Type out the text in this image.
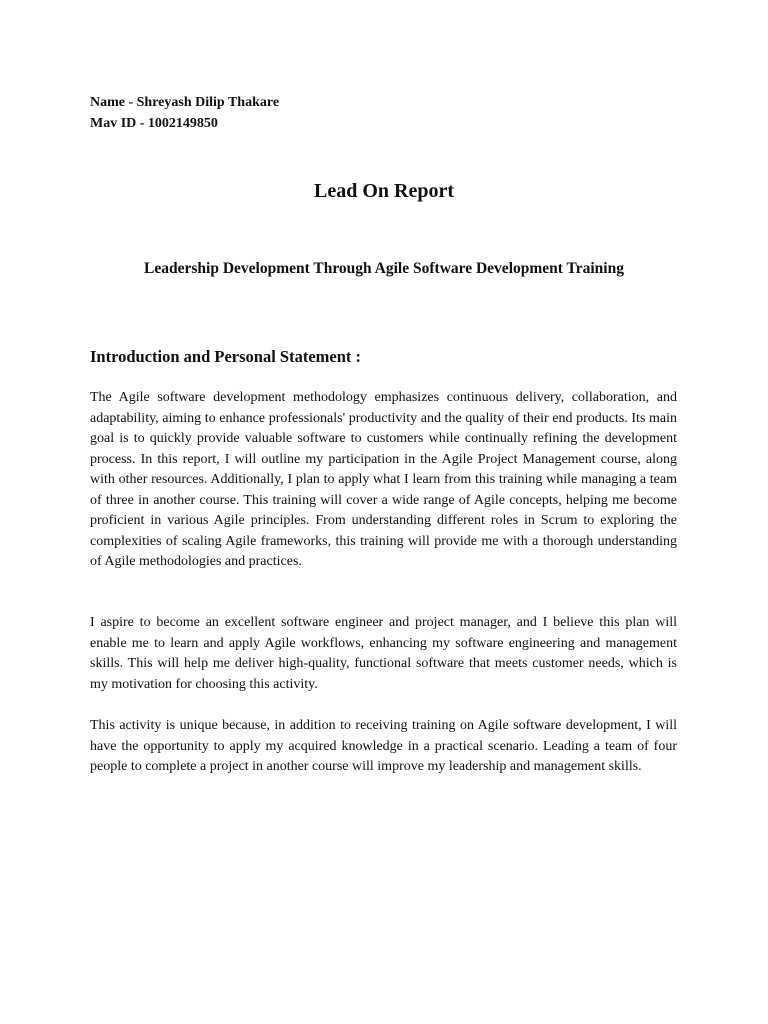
Name - Shreyash Dilip Thakare
Mav ID - 1002149850
Lead On Report
Leadership Development Through Agile Software Development Training
Introduction and Personal Statement :

The Agile software development methodology emphasizes continuous delivery, collaboration, and adaptability, aiming to enhance professionals' productivity and the quality of their end products. Its main goal is to quickly provide valuable software to customers while continually refining the development process. In this report, I will outline my participation in the Agile Project Management course, along with other resources. Additionally, I plan to apply what I learn from this training while managing a team of three in another course. This training will cover a wide range of Agile concepts, helping me become proficient in various Agile principles. From understanding different roles in Scrum to exploring the complexities of scaling Agile frameworks, this training will provide me with a thorough understanding of Agile methodologies and practices.

I aspire to become an excellent software engineer and project manager, and I believe this plan will enable me to learn and apply Agile workflows, enhancing my software engineering and management skills. This will help me deliver high-quality, functional software that meets customer needs, which is my motivation for choosing this activity.

This activity is unique because, in addition to receiving training on Agile software development, I will have the opportunity to apply my acquired knowledge in a practical scenario. Leading a team of four people to complete a project in another course will improve my leadership and management skills.
